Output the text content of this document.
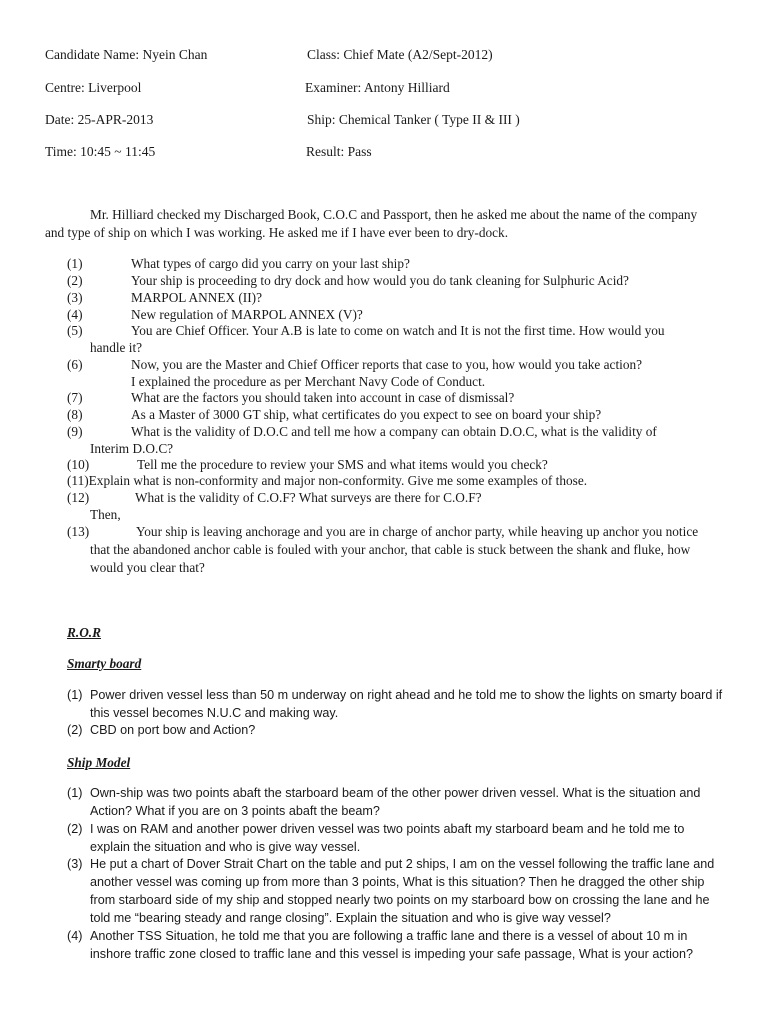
Candidate Name: Nyein Chan	Class: Chief Mate (A2/Sept-2012)
Centre: Liverpool	Examiner: Antony Hilliard
Date: 25-APR-2013	Ship: Chemical Tanker ( Type II & III )
Time: 10:45 ~ 11:45	Result: Pass
Mr. Hilliard checked my Discharged Book, C.O.C and Passport, then he asked me about the name of the company
and type of ship on which I was working. He asked me if I have ever been to dry-dock.
(1)	What types of cargo did you carry on your last ship?
(2)	Your ship is proceeding to dry dock and how would you do tank cleaning for Sulphuric Acid?
(3)	MARPOL ANNEX (II)?
(4)	New regulation of MARPOL ANNEX (V)?
(5)	You are Chief Officer. Your A.B is late to come on watch and It is not the first time. How would you
handle it?
(6)	Now, you are the Master and Chief Officer reports that case to you, how would you take action?
I explained the procedure as per Merchant Navy Code of Conduct.
(7)	What are the factors you should taken into account in case of dismissal?
(8)	As a Master of 3000 GT ship, what certificates do you expect to see on board your ship?
(9)	What is the validity of D.O.C and tell me how a company can obtain D.O.C, what is the validity of
Interim D.O.C?
(10)	Tell me the procedure to review your SMS and what items would you check?
(11)Explain what is non-conformity and major non-conformity. Give me some examples of those.
(12)	What is the validity of C.O.F? What surveys are there for C.O.F?
Then,
(13)	Your ship is leaving anchorage and you are in charge of anchor party, while heaving up anchor you notice
that the abandoned anchor cable is fouled with your anchor, that cable is stuck between the shank and fluke, how
would you clear that?
R.O.R
Smarty board
(1) Power driven vessel less than 50 m underway on right ahead and he told me to show the lights on smarty board if
this vessel becomes N.U.C and making way.
(2) CBD on port bow and Action?
Ship Model
(1) Own-ship was two points abaft the starboard beam of the other power driven vessel. What is the situation and
Action? What if you are on 3 points abaft the beam?
(2) I was on RAM and another power driven vessel was two points abaft my starboard beam and he told me to
explain the situation and who is give way vessel.
(3) He put a chart of Dover Strait Chart on the table and put 2 ships, I am on the vessel following the traffic lane and
another vessel was coming up from more than 3 points, What is this situation? Then he dragged the other ship
from starboard side of my ship and stopped nearly two points on my starboard bow on crossing the lane and he
told me “bearing steady and range closing”. Explain the situation and who is give way vessel?
(4) Another TSS Situation, he told me that you are following a traffic lane and there is a vessel of about 10 m in
inshore traffic zone closed to traffic lane and this vessel is impeding your safe passage, What is your action?
